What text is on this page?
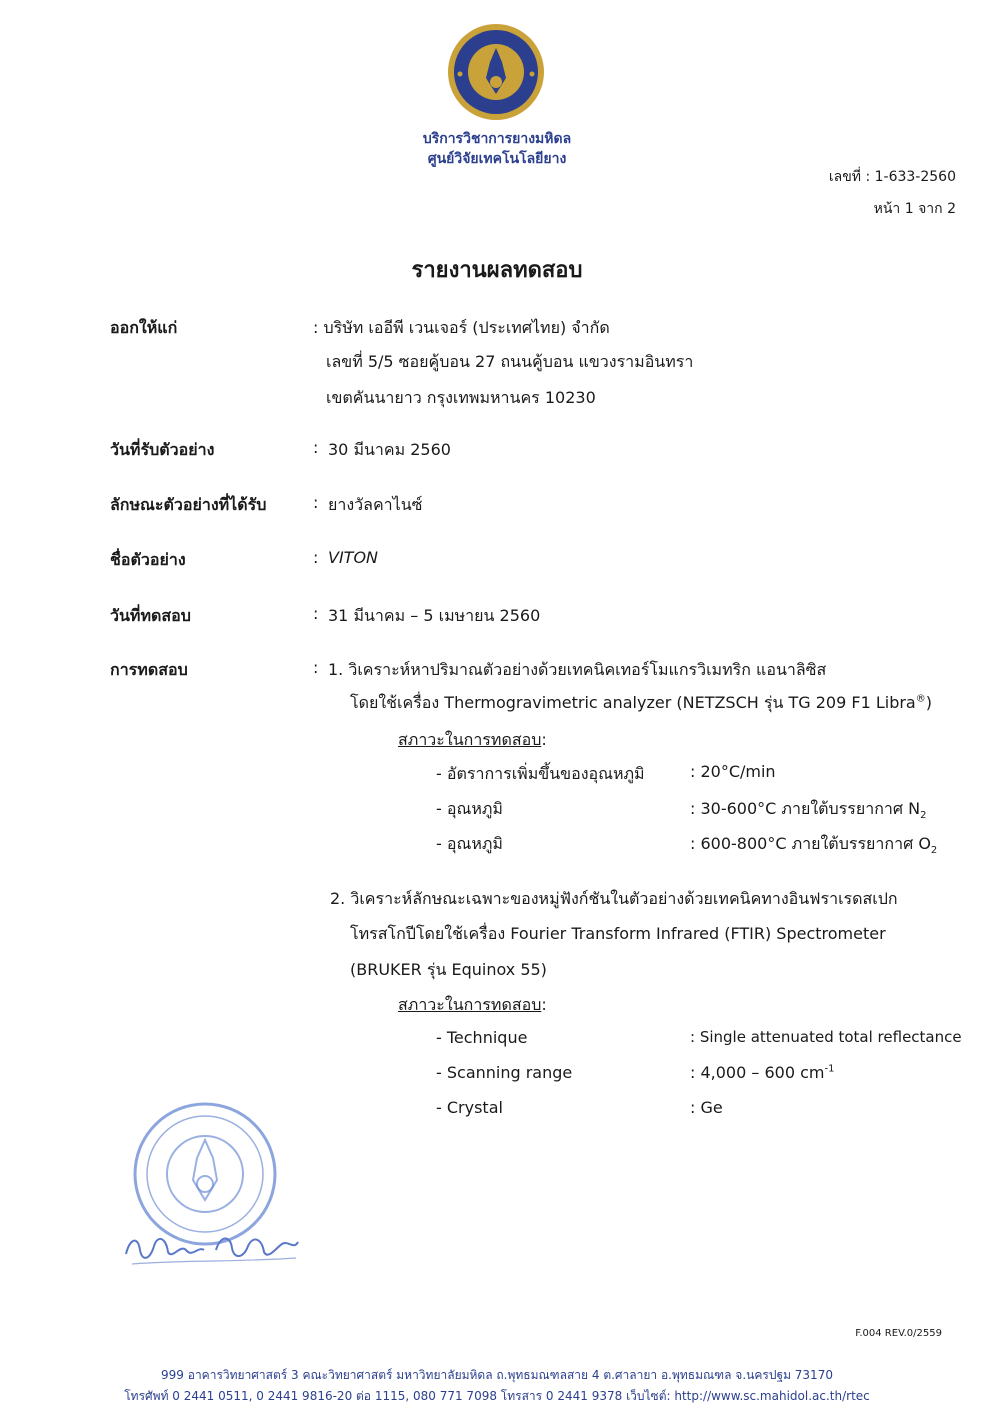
บริการวิชาการยางมหิดล
ศูนย์วิจัยเทคโนโลยียาง
เลขที่ : 1-633-2560
หน้า 1 จาก 2
รายงานผลทดสอบ
ออกให้แก่	: บริษัท เออีพี เวนเจอร์ (ประเทศไทย) จำกัด
เลขที่ 5/5 ซอยคู้บอน 27 ถนนคู้บอน แขวงรามอินทรา
เขตคันนายาว กรุงเทพมหานคร 10230
วันที่รับตัวอย่าง	: 30 มีนาคม 2560
ลักษณะตัวอย่างที่ได้รับ	: ยางวัลคาไนซ์
ชื่อตัวอย่าง	: VITON
วันที่ทดสอบ	: 31 มีนาคม – 5 เมษายน 2560
การทดสอบ	: 1. วิเคราะห์หาปริมาณตัวอย่างด้วยเทคนิคเทอร์โมแกรวิเมทริก แอนาลิซิส
โดยใช้เครื่อง Thermogravimetric analyzer (NETZSCH รุ่น TG 209 F1 Libra®)
สภาวะในการทดสอบ:
- อัตราการเพิ่มขึ้นของอุณหภูมิ	: 20°C/min
- อุณหภูมิ	: 30-600°C ภายใต้บรรยากาศ $N_2$
- อุณหภูมิ	: 600-800°C ภายใต้บรรยากาศ $O_2$
2. วิเคราะห์ลักษณะเฉพาะของหมู่ฟังก์ชันในตัวอย่างด้วยเทคนิคทางอินฟราเรดสเปก
โทรสโกปีโดยใช้เครื่อง Fourier Transform Infrared (FTIR) Spectrometer
(BRUKER รุ่น Equinox 55)
สภาวะในการทดสอบ:
- Technique	: Single attenuated total reflectance
- Scanning range	: 4,000 – 600 $cm^{-1}$
- Crystal	: Ge
F.004 REV.0/2559
999 อาคารวิทยาศาสตร์ 3 คณะวิทยาศาสตร์ มหาวิทยาลัยมหิดล ถ.พุทธมณฑลสาย 4 ต.ศาลายา อ.พุทธมณฑล จ.นครปฐม 73170
โทรศัพท์ 0 2441 0511, 0 2441 9816-20 ต่อ 1115, 080 771 7098 โทรสาร 0 2441 9378 เว็บไซต์: http://www.sc.mahidol.ac.th/rtec
